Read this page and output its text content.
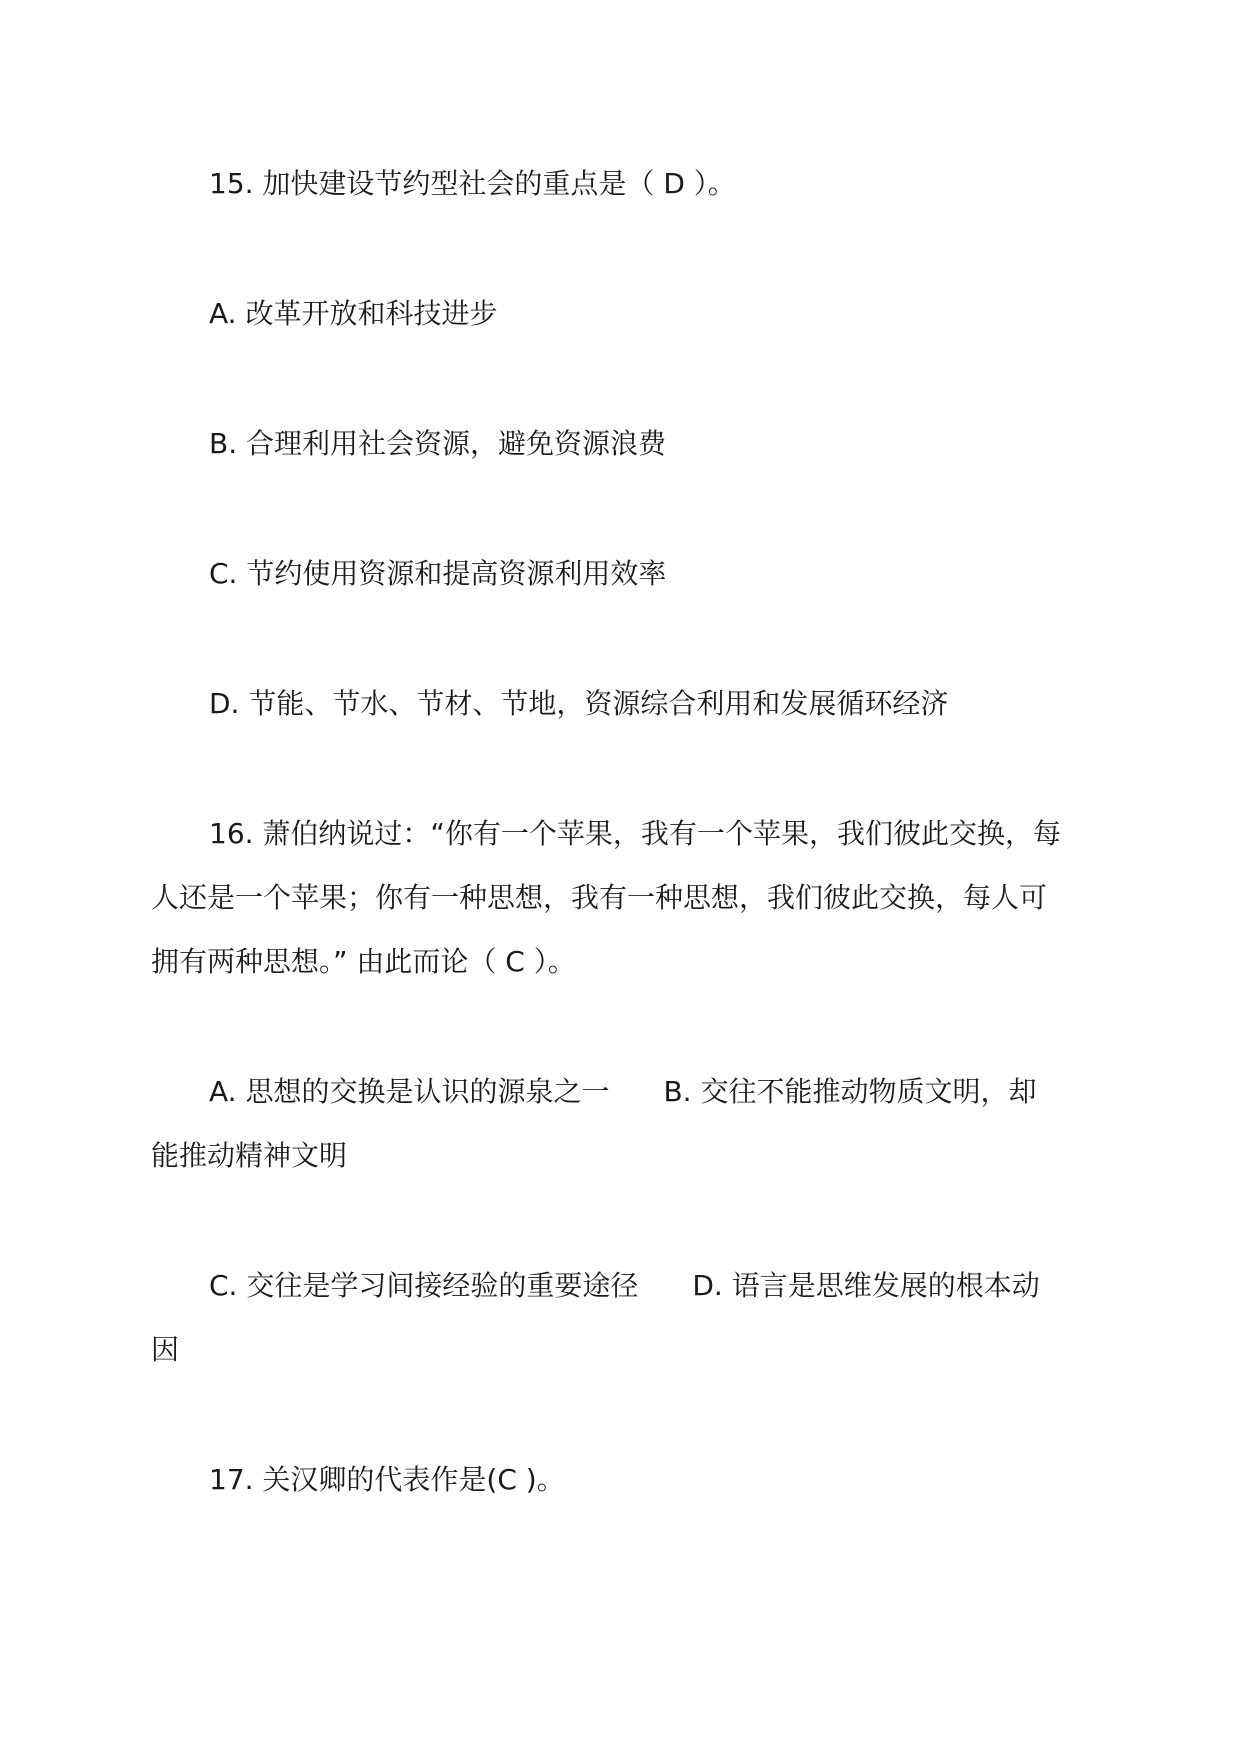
15. 加快建设节约型社会的重点是（ D ）。
A. 改革开放和科技进步
B. 合理利用社会资源，避免资源浪费
C. 节约使用资源和提高资源利用效率
D. 节能、节水、节材、节地，资源综合利用和发展循环经济
16. 萧伯纳说过：“你有一个苹果，我有一个苹果，我们彼此交换，每
人还是一个苹果；你有一种思想，我有一种思想，我们彼此交换，每人可
拥有两种思想。” 由此而论（ C ）。
A. 思想的交换是认识的源泉之一 B. 交往不能推动物质文明，却
能推动精神文明
C. 交往是学习间接经验的重要途径 D. 语言是思维发展的根本动
因
17. 关汉卿的代表作是(C )。
